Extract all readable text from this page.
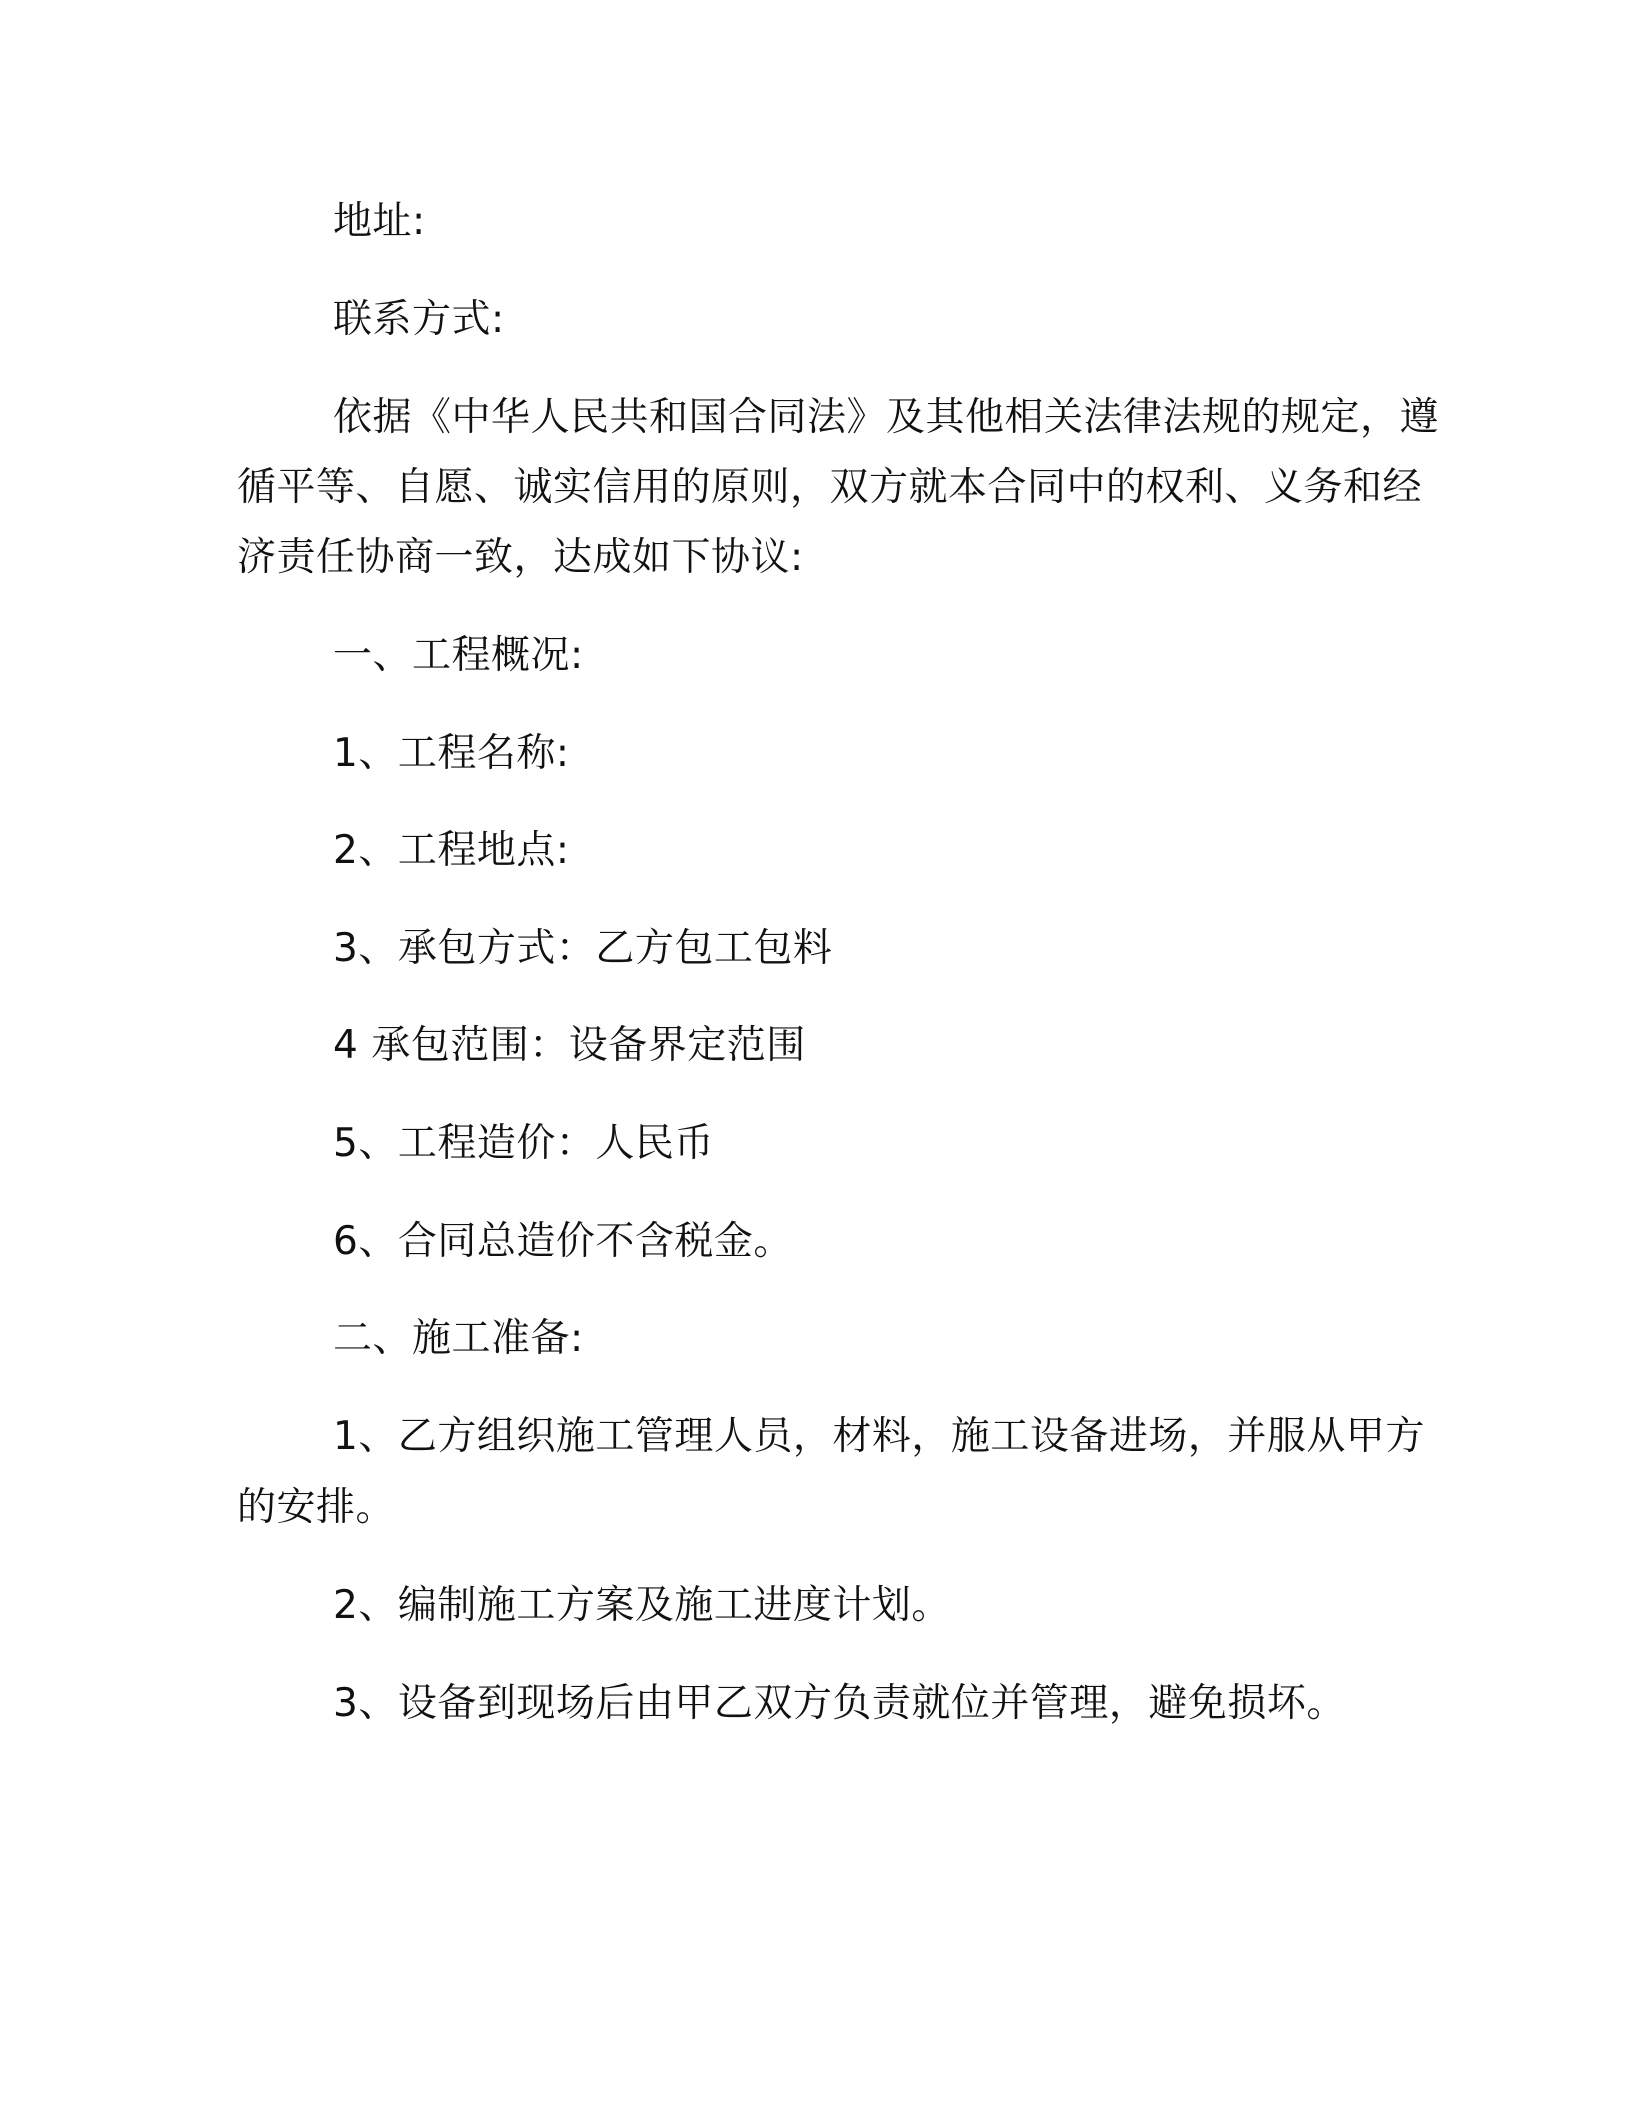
地址:
联系方式:
依据《中华人民共和国合同法》及其他相关法律法规的规定，遵
循平等、自愿、诚实信用的原则，双方就本合同中的权利、义务和经
济责任协商一致，达成如下协议:
一、工程概况:
1、工程名称:
2、工程地点:
3、承包方式：乙方包工包料
4 承包范围：设备界定范围
5、工程造价：人民币
6、合同总造价不含税金。
二、施工准备:
1、乙方组织施工管理人员，材料，施工设备进场，并服从甲方
的安排。
2、编制施工方案及施工进度计划。
3、设备到现场后由甲乙双方负责就位并管理，避免损坏。
